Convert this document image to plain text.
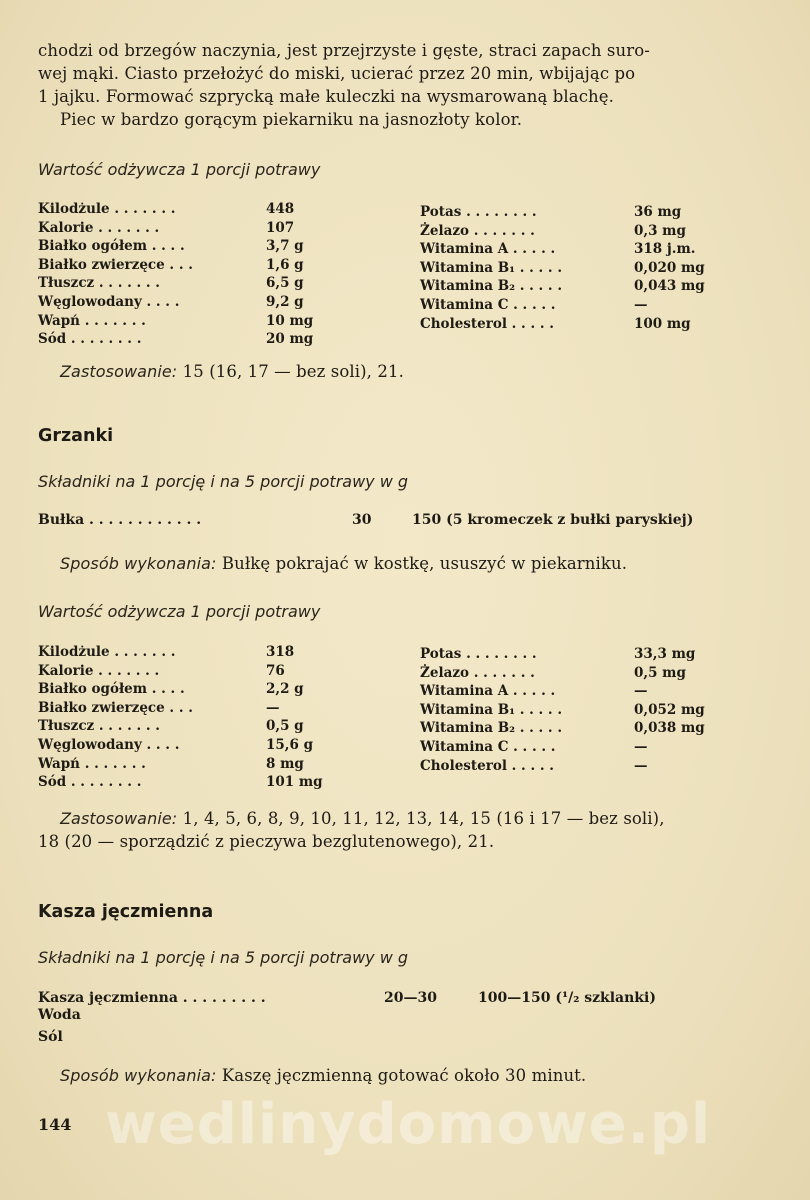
chodzi od brzegów naczynia, jest przejrzyste i gęste, straci zapach suro-
wej mąki. Ciasto przełożyć do miski, ucierać przez 20 min, wbijając po
1 jajku. Formować szprycką małe kuleczki na wysmarowaną blachę.
Piec w bardzo gorącym piekarniku na jasnozłoty kolor.
Wartość odżywcza 1 porcji potrawy
Kilodżule . . . . . . .	448
Kalorie . . . . . . .	107
Białko ogółem . . . .	3,7 g
Białko zwierzęce . . .	1,6 g
Tłuszcz . . . . . . .	6,5 g
Węglowodany . . . .	9,2 g
Wapń . . . . . . .	10 mg
Sód . . . . . . . .	20 mg
Potas . . . . . . . .	36 mg
Żelazo . . . . . . .	0,3 mg
Witamina A . . . . .	318 j.m.
Witamina B₁ . . . . .	0,020 mg
Witamina B₂ . . . . .	0,043 mg
Witamina C . . . . .	—
Cholesterol . . . . .	100 mg
Zastosowanie: 15 (16, 17 — bez soli), 21.
Grzanki
Składniki na 1 porcję i na 5 porcji potrawy w g
Bułka . . . . . . . . . . . .	30	150 (5 kromeczek z bułki paryskiej)
Sposób wykonania: Bułkę pokrajać w kostkę, ususzyć w piekarniku.
Wartość odżywcza 1 porcji potrawy
Kilodżule . . . . . . .	318
Kalorie . . . . . . .	76
Białko ogółem . . . .	2,2 g
Białko zwierzęce . . .	—
Tłuszcz . . . . . . .	0,5 g
Węglowodany . . . .	15,6 g
Wapń . . . . . . .	8 mg
Sód . . . . . . . .	101 mg
Potas . . . . . . . .	33,3 mg
Żelazo . . . . . . .	0,5 mg
Witamina A . . . . .	—
Witamina B₁ . . . . .	0,052 mg
Witamina B₂ . . . . .	0,038 mg
Witamina C . . . . .	—
Cholesterol . . . . .	—
Zastosowanie: 1, 4, 5, 6, 8, 9, 10, 11, 12, 13, 14, 15 (16 i 17 — bez soli),
18 (20 — sporządzić z pieczywa bezglutenowego), 21.
Kasza jęczmienna
Składniki na 1 porcję i na 5 porcji potrawy w g
Kasza jęczmienna . . . . . . . . .	20—30	100—150 (¹/₂ szklanki)
Woda
Sól
Sposób wykonania: Kaszę jęczmienną gotować około 30 minut.
wedlinydomowe.pl
144
